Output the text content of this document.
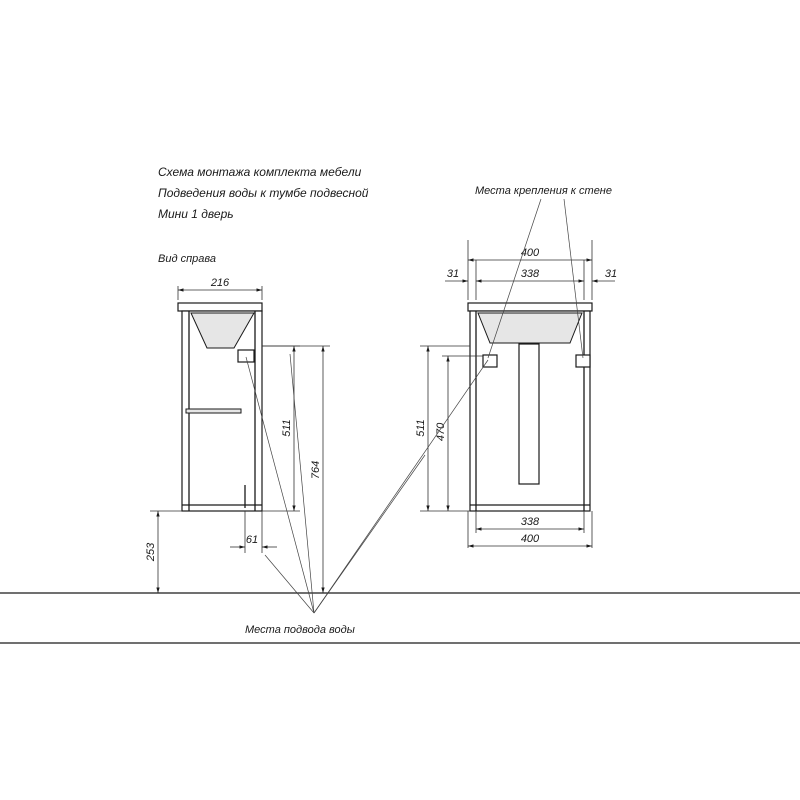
Схема монтажа комплекта мебели
Подведения воды к тумбе подвесной
Мини 1 дверь
Вид справа
216
511
764
61
253
400
338
31	31
511 470
338
400
Места крепления к стене
Места подвода воды
